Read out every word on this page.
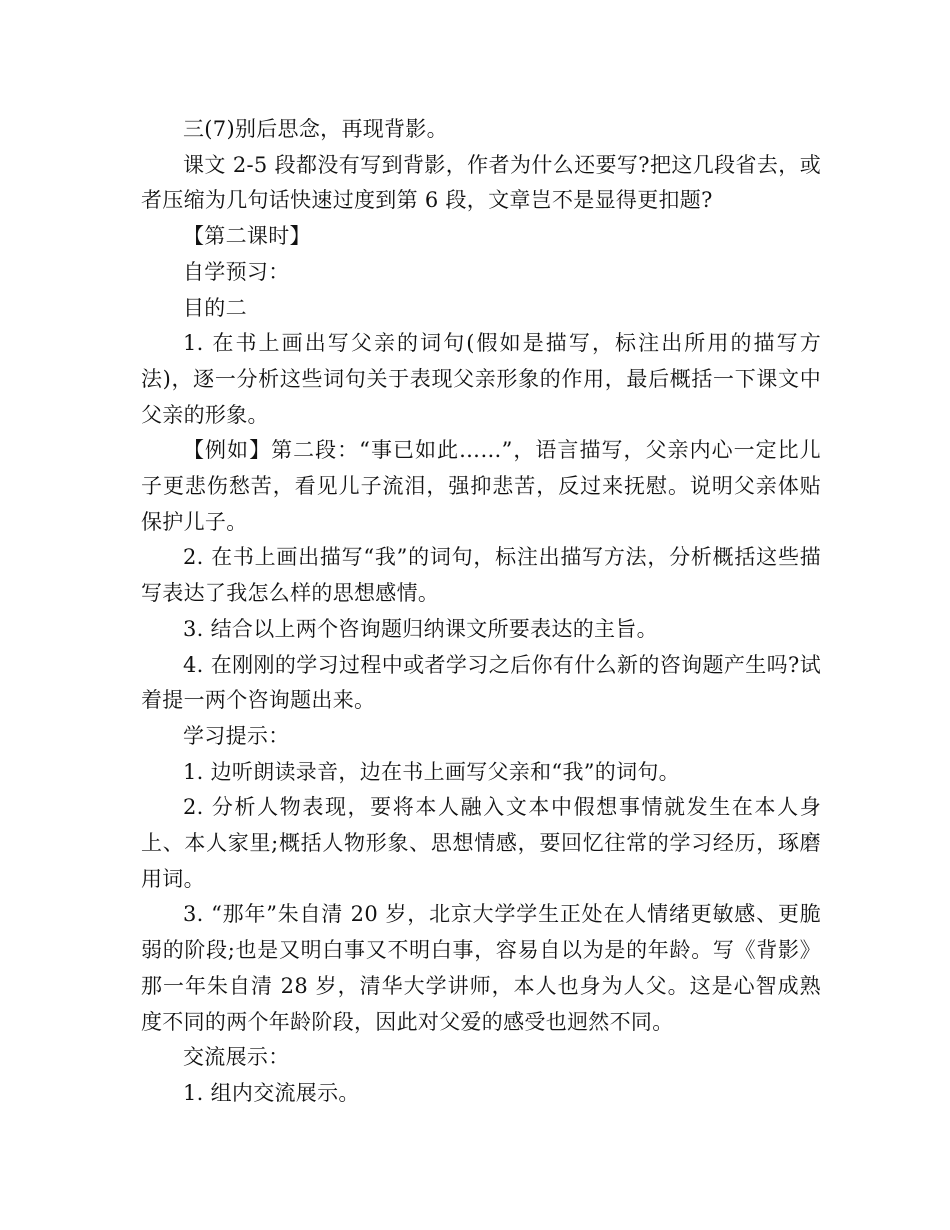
三(7)别后思念，再现背影。

课文 2-5 段都没有写到背影，作者为什么还要写?把这几段省去，或者压缩为几句话快速过度到第 6 段，文章岂不是显得更扣题?

【第二课时】

自学预习：

目的二

1. 在书上画出写父亲的词句(假如是描写，标注出所用的描写方法)，逐一分析这些词句关于表现父亲形象的作用，最后概括一下课文中父亲的形象。

【例如】第二段：“事已如此……”，语言描写，父亲内心一定比儿子更悲伤愁苦，看见儿子流泪，强抑悲苦，反过来抚慰。说明父亲体贴保护儿子。

2. 在书上画出描写“我”的词句，标注出描写方法，分析概括这些描写表达了我怎么样的思想感情。

3. 结合以上两个咨询题归纳课文所要表达的主旨。

4. 在刚刚的学习过程中或者学习之后你有什么新的咨询题产生吗?试着提一两个咨询题出来。

学习提示：

1. 边听朗读录音，边在书上画写父亲和“我”的词句。

2. 分析人物表现，要将本人融入文本中假想事情就发生在本人身上、本人家里;概括人物形象、思想情感，要回忆往常的学习经历，琢磨用词。

3. “那年”朱自清 20 岁，北京大学学生正处在人情绪更敏感、更脆弱的阶段;也是又明白事又不明白事，容易自以为是的年龄。写《背影》那一年朱自清 28 岁，清华大学讲师，本人也身为人父。这是心智成熟度不同的两个年龄阶段，因此对父爱的感受也迥然不同。

交流展示：

1. 组内交流展示。
